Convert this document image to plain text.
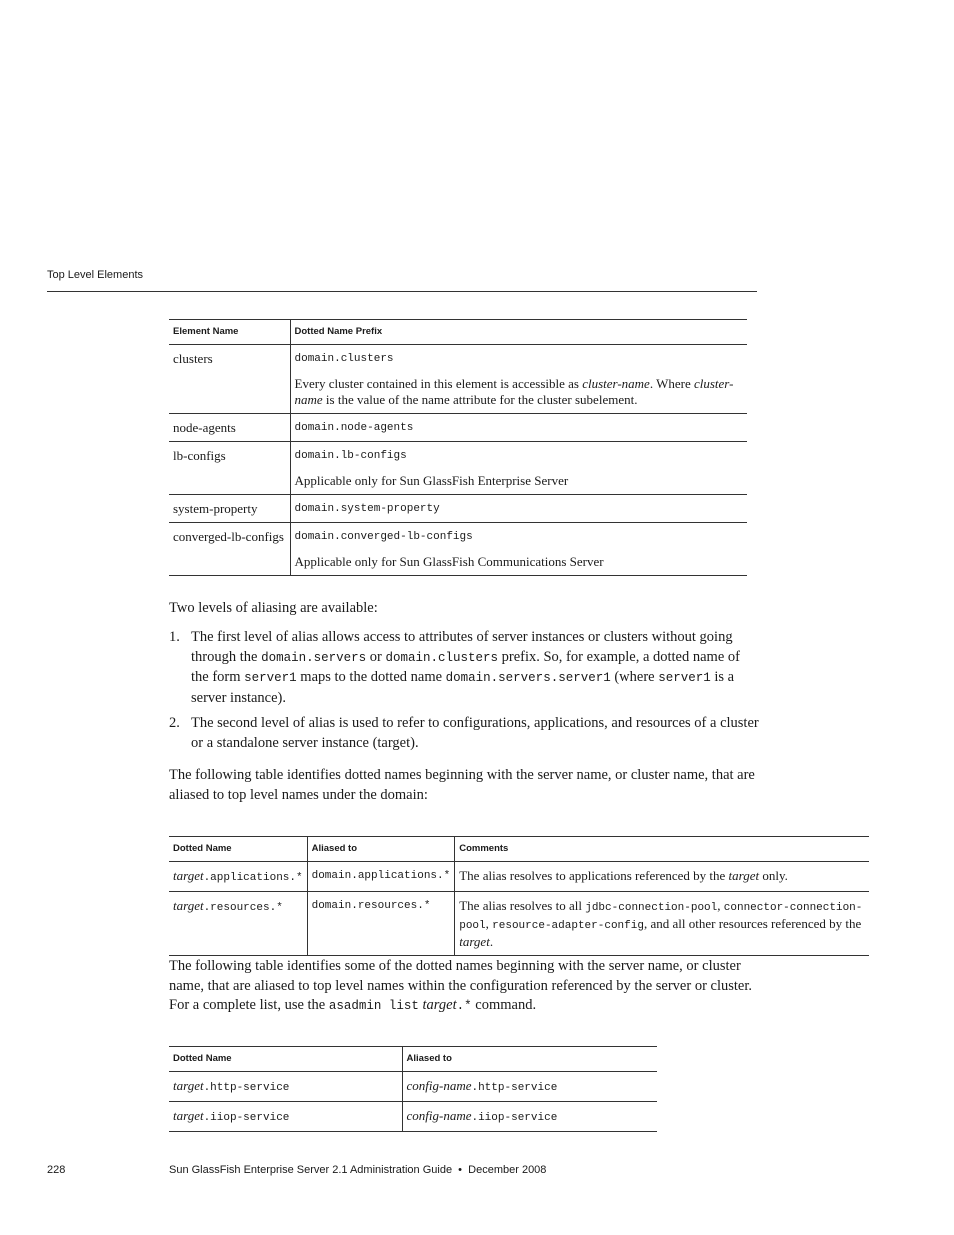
Top Level Elements
Element Name	Dotted Name Prefix
clusters	domain.clusters

Every cluster contained in this element is accessible as cluster-name. Where cluster-name is the value of the name attribute for the cluster subelement.

node-agents	domain.node-agents

lb-configs	domain.lb-configs

Applicable only for Sun GlassFish Enterprise Server

system-property	domain.system-property

converged-lb-configs	domain.converged-lb-configs

Applicable only for Sun GlassFish Communications Server

Two levels of aliasing are available:

1. The first level of alias allows access to attributes of server instances or clusters without going through the domain.servers or domain.clusters prefix. So, for example, a dotted name of the form server1 maps to the dotted name domain.servers.server1 (where server1 is a server instance).
2. The second level of alias is used to refer to configurations, applications, and resources of a cluster or a standalone server instance (target).

The following table identifies dotted names beginning with the server name, or cluster name, that are aliased to top level names under the domain:

Dotted Name	Aliased to	Comments
target.applications.*	domain.applications.*	The alias resolves to applications referenced by the target only.
target.resources.*	domain.resources.*	The alias resolves to all jdbc-connection-pool, connector-connection-pool, resource-adapter-config, and all other resources referenced by the target.

The following table identifies some of the dotted names beginning with the server name, or cluster name, that are aliased to top level names within the configuration referenced by the server or cluster. For a complete list, use the asadmin list target.* command.

Dotted Name	Aliased to
target.http-service	config-name.http-service
target.iiop-service	config-name.iiop-service
228	Sun GlassFish Enterprise Server 2.1 Administration Guide  •  December 2008
